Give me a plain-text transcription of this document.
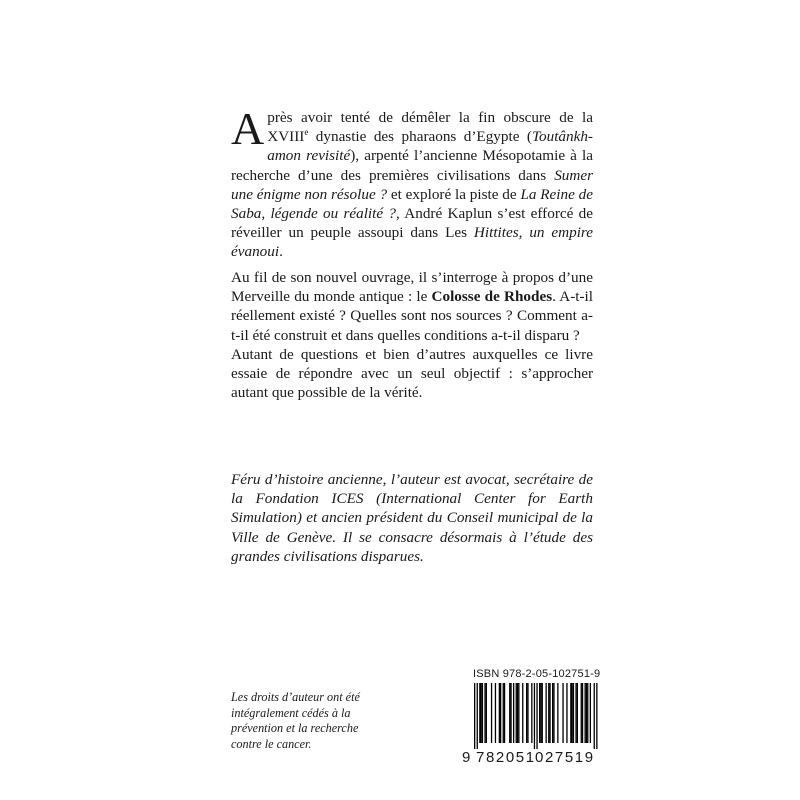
Après avoir tenté de démêler la fin obscure de la XVIIIe dynastie des pharaons d’Egypte (Toutânkh-amon revisité), arpenté l’ancienne Mésopotamie à la recherche d’une des premières civilisations dans Sumer une énigme non résolue ? et exploré la piste de La Reine de Saba, légende ou réalité ?, André Kaplun s’est efforcé de réveiller un peuple assoupi dans Les Hittites, un empire évanoui.

Au fil de son nouvel ouvrage, il s’interroge à propos d’une Merveille du monde antique : le Colosse de Rhodes. A-t-il réellement existé ? Quelles sont nos sources ? Comment a-t-il été construit et dans quelles conditions a-t-il disparu ?

Autant de questions et bien d’autres auxquelles ce livre essaie de répondre avec un seul objectif : s’approcher autant que possible de la vérité.

Féru d’histoire ancienne, l’auteur est avocat, secrétaire de la Fondation ICES (International Center for Earth Simulation) et ancien président du Conseil municipal de la Ville de Genève. Il se consacre désormais à l’étude des grandes civilisations disparues.

Les droits d’auteur ont été intégralement cédés à la prévention et la recherche contre le cancer.

ISBN 978-2-05-102751-9
9 782051 027519
